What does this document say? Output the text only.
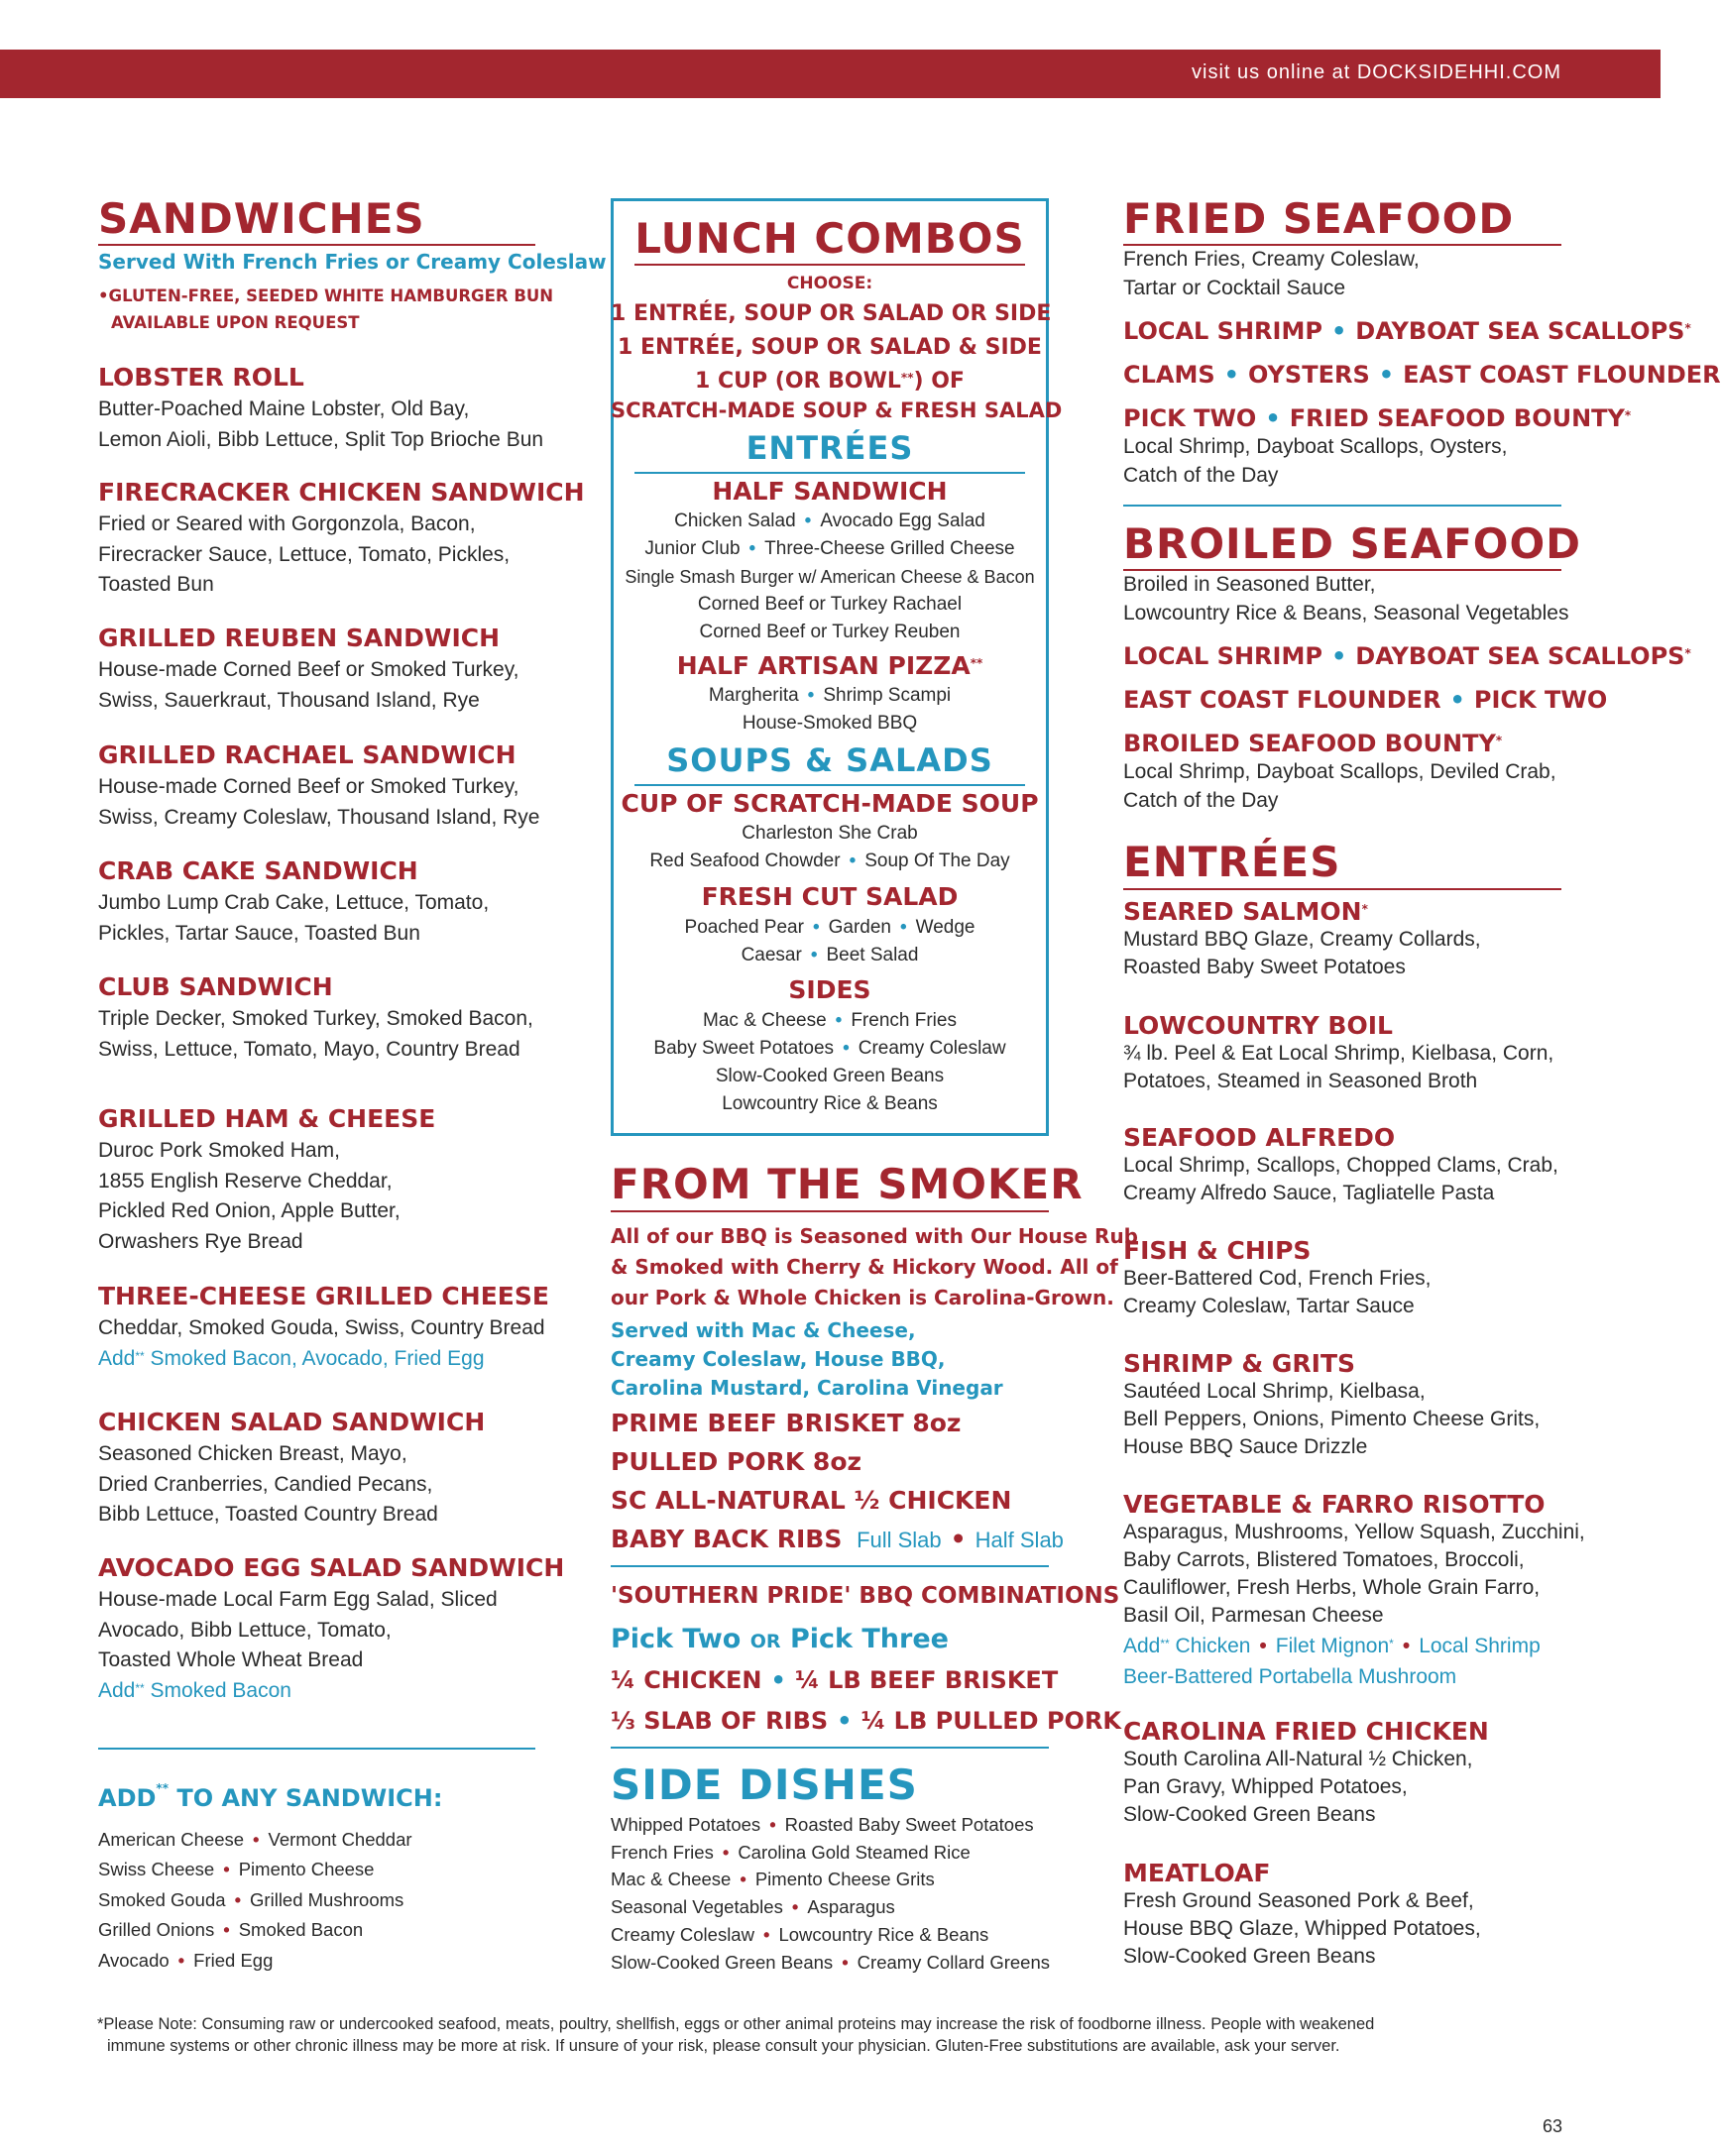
visit us online at DOCKSIDEHHI.COM
SANDWICHES
Served With French Fries or Creamy Coleslaw
•GLUTEN-FREE, SEEDED WHITE HAMBURGER BUN
AVAILABLE UPON REQUEST
LOBSTER ROLL
Butter-Poached Maine Lobster, Old Bay,
Lemon Aioli, Bibb Lettuce, Split Top Brioche Bun
FIRECRACKER CHICKEN SANDWICH
Fried or Seared with Gorgonzola, Bacon,
Firecracker Sauce, Lettuce, Tomato, Pickles,
Toasted Bun
GRILLED REUBEN SANDWICH
House-made Corned Beef or Smoked Turkey,
Swiss, Sauerkraut, Thousand Island, Rye
GRILLED RACHAEL SANDWICH
House-made Corned Beef or Smoked Turkey,
Swiss, Creamy Coleslaw, Thousand Island, Rye
CRAB CAKE SANDWICH
Jumbo Lump Crab Cake, Lettuce, Tomato,
Pickles, Tartar Sauce, Toasted Bun
CLUB SANDWICH
Triple Decker, Smoked Turkey, Smoked Bacon,
Swiss, Lettuce, Tomato, Mayo, Country Bread
GRILLED HAM & CHEESE
Duroc Pork Smoked Ham,
1855 English Reserve Cheddar,
Pickled Red Onion, Apple Butter,
Orwashers Rye Bread
THREE-CHEESE GRILLED CHEESE
Cheddar, Smoked Gouda, Swiss, Country Bread
Add** Smoked Bacon, Avocado, Fried Egg
CHICKEN SALAD SANDWICH
Seasoned Chicken Breast, Mayo,
Dried Cranberries, Candied Pecans,
Bibb Lettuce, Toasted Country Bread
AVOCADO EGG SALAD SANDWICH
House-made Local Farm Egg Salad, Sliced
Avocado, Bibb Lettuce, Tomato,
Toasted Whole Wheat Bread
Add** Smoked Bacon
ADD** TO ANY SANDWICH:
American Cheese • Vermont Cheddar
Swiss Cheese • Pimento Cheese
Smoked Gouda • Grilled Mushrooms
Grilled Onions • Smoked Bacon
Avocado • Fried Egg
LUNCH COMBOS
CHOOSE:
1 ENTRÉE, SOUP OR SALAD OR SIDE
1 ENTRÉE, SOUP OR SALAD & SIDE
1 CUP (OR BOWL**) OF
SCRATCH-MADE SOUP & FRESH SALAD
ENTRÉES
HALF SANDWICH
Chicken Salad • Avocado Egg Salad
Junior Club • Three-Cheese Grilled Cheese
Single Smash Burger w/ American Cheese & Bacon
Corned Beef or Turkey Rachael
Corned Beef or Turkey Reuben
HALF ARTISAN PIZZA**
Margherita • Shrimp Scampi
House-Smoked BBQ
SOUPS & SALADS
CUP OF SCRATCH-MADE SOUP
Charleston She Crab
Red Seafood Chowder • Soup Of The Day
FRESH CUT SALAD
Poached Pear • Garden • Wedge
Caesar • Beet Salad
SIDES
Mac & Cheese • French Fries
Baby Sweet Potatoes • Creamy Coleslaw
Slow-Cooked Green Beans
Lowcountry Rice & Beans
FROM THE SMOKER
All of our BBQ is Seasoned with Our House Rub
& Smoked with Cherry & Hickory Wood. All of
our Pork & Whole Chicken is Carolina-Grown.
Served with Mac & Cheese,
Creamy Coleslaw, House BBQ,
Carolina Mustard, Carolina Vinegar
PRIME BEEF BRISKET 8oz
PULLED PORK 8oz
SC ALL-NATURAL ½ CHICKEN
BABY BACK RIBS Full Slab • Half Slab
'SOUTHERN PRIDE' BBQ COMBINATIONS
Pick Two OR Pick Three
¼ CHICKEN • ¼ LB BEEF BRISKET
⅓ SLAB OF RIBS • ¼ LB PULLED PORK
SIDE DISHES
Whipped Potatoes • Roasted Baby Sweet Potatoes
French Fries • Carolina Gold Steamed Rice
Mac & Cheese • Pimento Cheese Grits
Seasonal Vegetables • Asparagus
Creamy Coleslaw • Lowcountry Rice & Beans
Slow-Cooked Green Beans • Creamy Collard Greens
FRIED SEAFOOD
French Fries, Creamy Coleslaw,
Tartar or Cocktail Sauce
LOCAL SHRIMP • DAYBOAT SEA SCALLOPS*
CLAMS • OYSTERS • EAST COAST FLOUNDER
PICK TWO • FRIED SEAFOOD BOUNTY*
Local Shrimp, Dayboat Scallops, Oysters,
Catch of the Day
BROILED SEAFOOD
Broiled in Seasoned Butter,
Lowcountry Rice & Beans, Seasonal Vegetables
LOCAL SHRIMP • DAYBOAT SEA SCALLOPS*
EAST COAST FLOUNDER • PICK TWO
BROILED SEAFOOD BOUNTY*
Local Shrimp, Dayboat Scallops, Deviled Crab,
Catch of the Day
ENTRÉES
SEARED SALMON*
Mustard BBQ Glaze, Creamy Collards,
Roasted Baby Sweet Potatoes
LOWCOUNTRY BOIL
¾ lb. Peel & Eat Local Shrimp, Kielbasa, Corn,
Potatoes, Steamed in Seasoned Broth
SEAFOOD ALFREDO
Local Shrimp, Scallops, Chopped Clams, Crab,
Creamy Alfredo Sauce, Tagliatelle Pasta
FISH & CHIPS
Beer-Battered Cod, French Fries,
Creamy Coleslaw, Tartar Sauce
SHRIMP & GRITS
Sautéed Local Shrimp, Kielbasa,
Bell Peppers, Onions, Pimento Cheese Grits,
House BBQ Sauce Drizzle
VEGETABLE & FARRO RISOTTO
Asparagus, Mushrooms, Yellow Squash, Zucchini,
Baby Carrots, Blistered Tomatoes, Broccoli,
Cauliflower, Fresh Herbs, Whole Grain Farro,
Basil Oil, Parmesan Cheese
CAROLINA FRIED CHICKEN
South Carolina All-Natural ½ Chicken,
Pan Gravy, Whipped Potatoes,
Slow-Cooked Green Beans
MEATLOAF
Fresh Ground Seasoned Pork & Beef,
House BBQ Glaze, Whipped Potatoes,
Slow-Cooked Green Beans
Add** Chicken • Filet Mignon* • Local Shrimp
Beer-Battered Portabella Mushroom
*Please Note: Consuming raw or undercooked seafood, meats, poultry, shellfish, eggs or other animal proteins may increase the risk of foodborne illness. People with weakened
immune systems or other chronic illness may be more at risk. If unsure of your risk, please consult your physician. Gluten-Free substitutions are available, ask your server.
63
